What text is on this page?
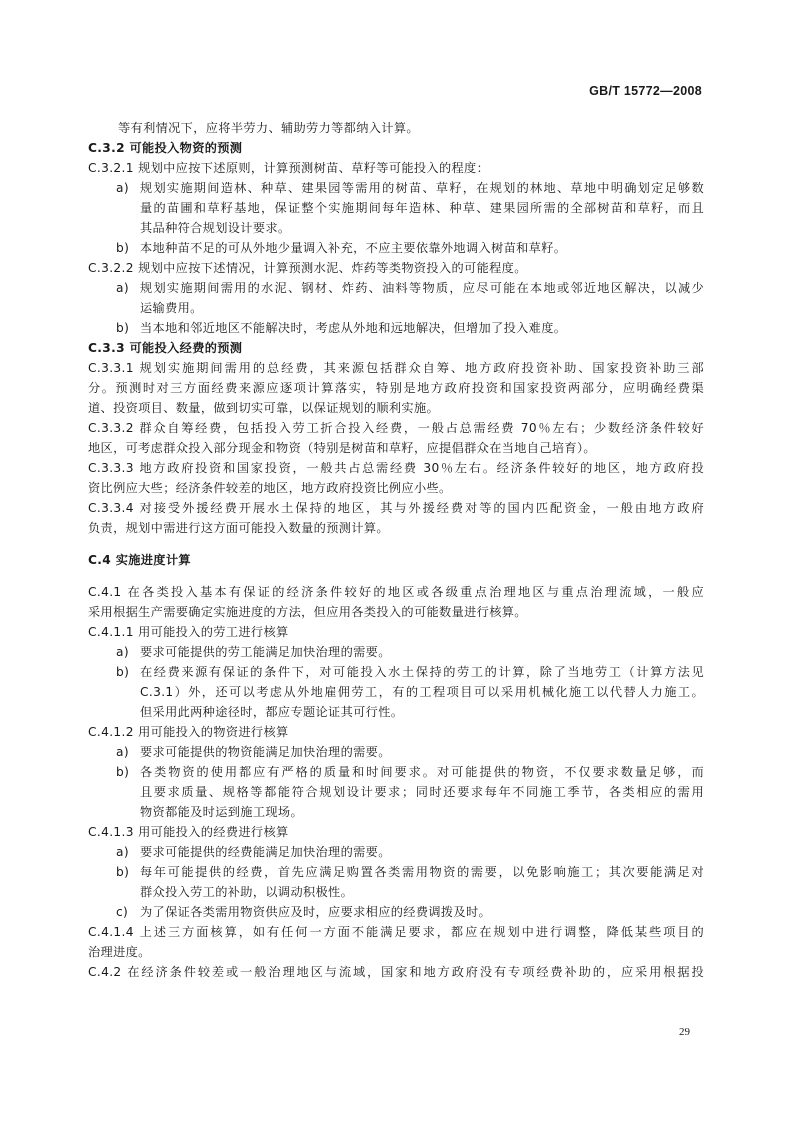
GB/T 15772—2008
等有利情况下，应将半劳力、辅助劳力等都纳入计算。
C.3.2 可能投入物资的预测
C.3.2.1 规划中应按下述原则，计算预测树苗、草籽等可能投入的程度：
a) 规划实施期间造林、种草、建果园等需用的树苗、草籽，在规划的林地、草地中明确划定足够数
量的苗圃和草籽基地，保证整个实施期间每年造林、种草、建果园所需的全部树苗和草籽，而且
其品种符合规划设计要求。
b) 本地种苗不足的可从外地少量调入补充，不应主要依靠外地调入树苗和草籽。
C.3.2.2 规划中应按下述情况，计算预测水泥、炸药等类物资投入的可能程度。
a) 规划实施期间需用的水泥、钢材、炸药、油料等物质，应尽可能在本地或邻近地区解决，以减少
运输费用。
b) 当本地和邻近地区不能解决时，考虑从外地和远地解决，但增加了投入难度。
C.3.3 可能投入经费的预测
C.3.3.1 规划实施期间需用的总经费，其来源包括群众自筹、地方政府投资补助、国家投资补助三部
分。预测时对三方面经费来源应逐项计算落实，特别是地方政府投资和国家投资两部分，应明确经费渠
道、投资项目、数量，做到切实可靠，以保证规划的顺利实施。
C.3.3.2 群众自筹经费，包括投入劳工折合投入经费，一般占总需经费 70％左右；少数经济条件较好
地区，可考虑群众投入部分现金和物资（特别是树苗和草籽，应提倡群众在当地自己培育）。
C.3.3.3 地方政府投资和国家投资，一般共占总需经费 30％左右。经济条件较好的地区，地方政府投
资比例应大些；经济条件较差的地区，地方政府投资比例应小些。
C.3.3.4 对接受外援经费开展水土保持的地区，其与外援经费对等的国内匹配资金，一般由地方政府
负责，规划中需进行这方面可能投入数量的预测计算。
C.4 实施进度计算
C.4.1 在各类投入基本有保证的经济条件较好的地区或各级重点治理地区与重点治理流域，一般应
采用根据生产需要确定实施进度的方法，但应用各类投入的可能数量进行核算。
C.4.1.1 用可能投入的劳工进行核算
a) 要求可能提供的劳工能满足加快治理的需要。
b) 在经费来源有保证的条件下，对可能投入水土保持的劳工的计算，除了当地劳工（计算方法见
C.3.1）外，还可以考虑从外地雇佣劳工，有的工程项目可以采用机械化施工以代替人力施工。
但采用此两种途径时，都应专题论证其可行性。
C.4.1.2 用可能投入的物资进行核算
a) 要求可能提供的物资能满足加快治理的需要。
b) 各类物资的使用都应有严格的质量和时间要求。对可能提供的物资，不仅要求数量足够，而
且要求质量、规格等都能符合规划设计要求；同时还要求每年不同施工季节，各类相应的需用
物资都能及时运到施工现场。
C.4.1.3 用可能投入的经费进行核算
a) 要求可能提供的经费能满足加快治理的需要。
b) 每年可能提供的经费，首先应满足购置各类需用物资的需要，以免影响施工；其次要能满足对
群众投入劳工的补助，以调动积极性。
c) 为了保证各类需用物资供应及时，应要求相应的经费调拨及时。
C.4.1.4 上述三方面核算，如有任何一方面不能满足要求，都应在规划中进行调整，降低某些项目的
治理进度。
C.4.2 在经济条件较差或一般治理地区与流域，国家和地方政府没有专项经费补助的，应采用根据投
29
